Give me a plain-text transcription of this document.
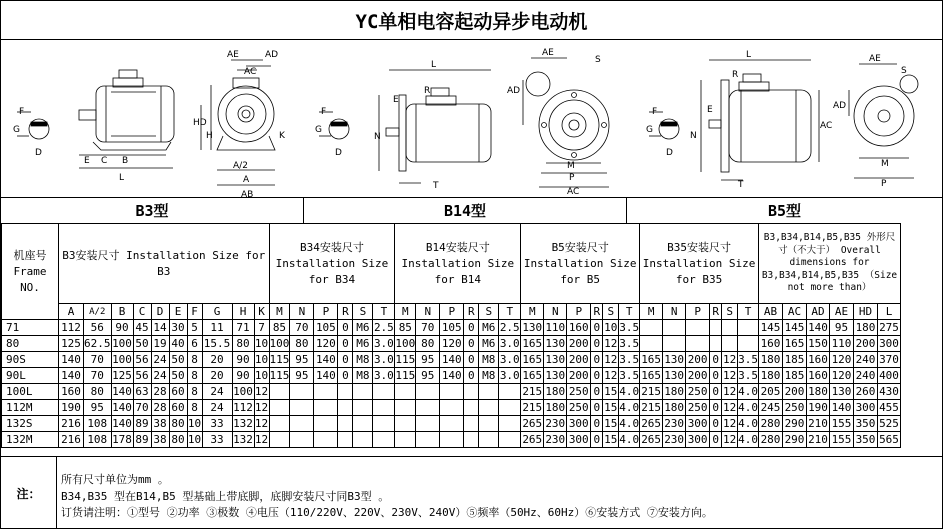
YC单相电容起动异步电动机
F
G
D
E C B
L
AE	AD
AC
HD
H	K
A/2
A
AB
L
E
R
N
F
G
D
T
AE
S
AD
M
P
AC
L
R
E
F
G
D
N
T
AC
AE
S
AD
M
P
B3型	B14型	B5型
机座号 Frame NO.	B3安装尺寸 Installation Size for B3										B34安装尺寸 Installation Size for B34						B14安装尺寸 Installation Size for B14						B5安装尺寸 Installation Size for B5						B35安装尺寸 Installation Size for B35						B3,B34,B14,B5,B35 外形尺寸（不大于） Overall dimensions for B3,B34,B14,B5,B35 （Size not more than）					
	A	A/2	B	C	D	E	F	G	H	K	M	N	P	R	S	T	M	N	P	R	S	T	M	N	P	R	S	T	M	N	P	R	S	T	AB	AC	AD	AE	HD	L
71	112	56	90	45	14	30	5	11	71	7	85	70	105	0	M6	2.5	85	70	105	0	M6	2.5	130	110	160	0	10	3.5							145	145	140	95	180	275
80	125	62.5	100	50	19	40	6	15.5	80	10	100	80	120	0	M6	3.0	100	80	120	0	M6	3.0	165	130	200	0	12	3.5							160	165	150	110	200	300
90S	140	70	100	56	24	50	8	20	90	10	115	95	140	0	M8	3.0	115	95	140	0	M8	3.0	165	130	200	0	12	3.5	165	130	200	0	12	3.5	180	185	160	120	240	370
90L	140	70	125	56	24	50	8	20	90	10	115	95	140	0	M8	3.0	115	95	140	0	M8	3.0	165	130	200	0	12	3.5	165	130	200	0	12	3.5	180	185	160	120	240	400
100L	160	80	140	63	28	60	8	24	100	12													215	180	250	0	15	4.0	215	180	250	0	12	4.0	205	200	180	130	260	430
112M	190	95	140	70	28	60	8	24	112	12													215	180	250	0	15	4.0	215	180	250	0	12	4.0	245	250	190	140	300	455
132S	216	108	140	89	38	80	10	33	132	12													265	230	300	0	15	4.0	265	230	300	0	12	4.0	280	290	210	155	350	525
132M	216	108	178	89	38	80	10	33	132	12													265	230	300	0	15	4.0	265	230	300	0	12	4.0	280	290	210	155	350	565
注：
所有尺寸单位为mm 。
B34,B35 型在B14,B5 型基础上带底脚，底脚安装尺寸同B3型 。
订货请注明：①型号 ②功率 ③极数 ④电压（110/220V、220V、230V、240V）⑤频率（50Hz、60Hz）⑥安装方式 ⑦安装方向。
